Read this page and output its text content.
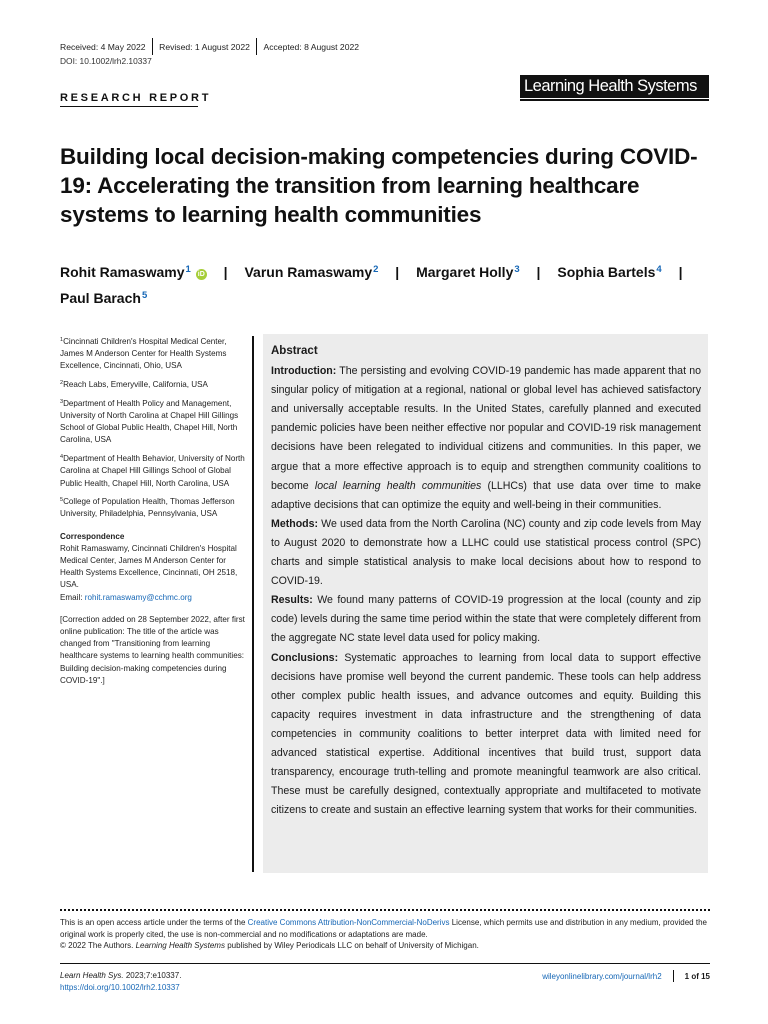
Received: 4 May 2022 Revised: 1 August 2022 Accepted: 8 August 2022
DOI: 10.1002/lrh2.10337
RESEARCH REPORT
Learning Health Systems
Building local decision-making competencies during COVID-19: Accelerating the transition from learning healthcare systems to learning health communities
Rohit Ramaswamy$^1$ iD | Varun Ramaswamy$^2$ | Margaret Holly$^3$ | Sophia Bartels$^4$ |
Paul Barach$^5$

$^1$Cincinnati Children's Hospital Medical Center, James M Anderson Center for Health Systems Excellence, Cincinnati, Ohio, USA

$^2$Reach Labs, Emeryville, California, USA

$^3$Department of Health Policy and Management, University of North Carolina at Chapel Hill Gillings School of Global Public Health, Chapel Hill, North Carolina, USA

$^4$Department of Health Behavior, University of North Carolina at Chapel Hill Gillings School of Global Public Health, Chapel Hill, North Carolina, USA

$^5$College of Population Health, Thomas Jefferson University, Philadelphia, Pennsylvania, USA

Correspondence

Rohit Ramaswamy, Cincinnati Children's Hospital Medical Center, James M Anderson Center for Health Systems Excellence, Cincinnati, OH 2518, USA.
Email: rohit.ramaswamy@cchmc.org

[Correction added on 28 September 2022, after first online publication: The title of the article was changed from "Transitioning from learning healthcare systems to learning health communities: Building decision-making competencies during COVID-19".]

Abstract

Introduction: The persisting and evolving COVID-19 pandemic has made apparent that no singular policy of mitigation at a regional, national or global level has achieved satisfactory and universally acceptable results. In the United States, carefully planned and executed pandemic policies have been neither effective nor popular and COVID-19 risk management decisions have been relegated to individual citizens and communities. In this paper, we argue that a more effective approach is to equip and strengthen community coalitions to become local learning health communities (LLHCs) that use data over time to make adaptive decisions that can optimize the equity and well-being in their communities.

Methods: We used data from the North Carolina (NC) county and zip code levels from May to August 2020 to demonstrate how a LLHC could use statistical process control (SPC) charts and simple statistical analysis to make local decisions about how to respond to COVID-19.

Results: We found many patterns of COVID-19 progression at the local (county and zip code) levels during the same time period within the state that were completely different from the aggregate NC state level data used for policy making.

Conclusions: Systematic approaches to learning from local data to support effective decisions have promise well beyond the current pandemic. These tools can help address other complex public health issues, and advance outcomes and equity. Building this capacity requires investment in data infrastructure and the strengthening of data competencies in community coalitions to better interpret data with limited need for advanced statistical expertise. Additional incentives that build trust, support data transparency, encourage truth-telling and promote meaningful teamwork are also critical. These must be carefully designed, contextually appropriate and multifaceted to motivate citizens to create and sustain an effective learning system that works for their communities.

This is an open access article under the terms of the Creative Commons Attribution-NonCommercial-NoDerivs License, which permits use and distribution in any medium, provided the original work is properly cited, the use is non-commercial and no modifications or adaptations are made.
© 2022 The Authors. Learning Health Systems published by Wiley Periodicals LLC on behalf of University of Michigan.
Learn Health Sys. 2023;7:e10337.
https://doi.org/10.1002/lrh2.10337
wileyonlinelibrary.com/journal/lrh2	1 of 15
